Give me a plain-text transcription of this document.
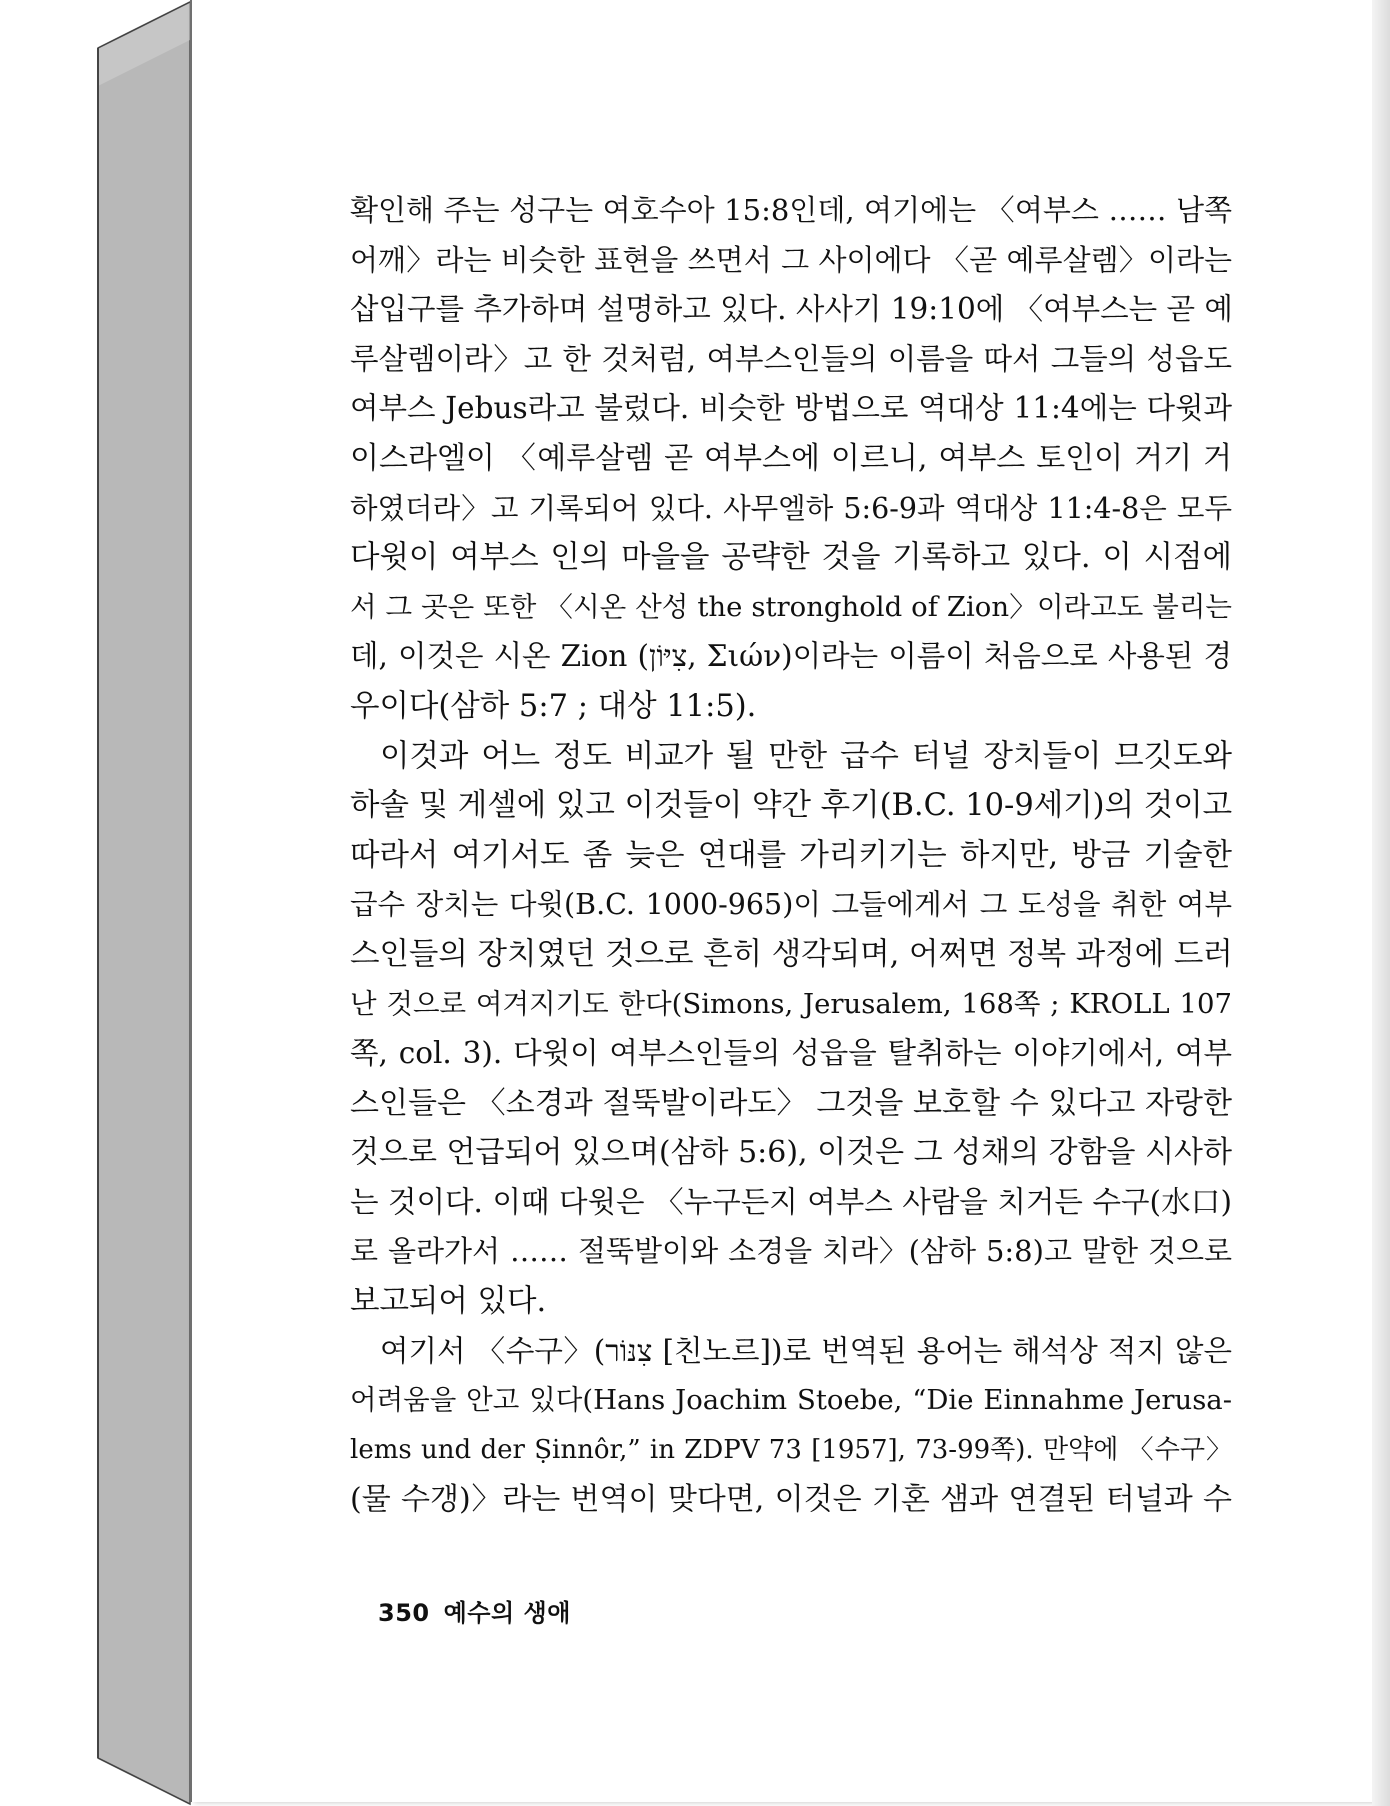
확인해 주는 성구는 여호수아 15:8인데, 여기에는 〈여부스 …… 남쪽
어깨〉라는 비슷한 표현을 쓰면서 그 사이에다 〈곧 예루살렘〉이라는
삽입구를 추가하며 설명하고 있다. 사사기 19:10에 〈여부스는 곧 예
루살렘이라〉고 한 것처럼, 여부스인들의 이름을 따서 그들의 성읍도
여부스 Jebus라고 불렀다. 비슷한 방법으로 역대상 11:4에는 다윗과
이스라엘이 〈예루살렘 곧 여부스에 이르니, 여부스 토인이 거기 거
하였더라〉고 기록되어 있다. 사무엘하 5:6-9과 역대상 11:4-8은 모두
다윗이 여부스 인의 마을을 공략한 것을 기록하고 있다. 이 시점에
서 그 곳은 또한 〈시온 산성 the stronghold of Zion〉이라고도 불리는
데, 이것은 시온 Zion (צִיּוֹן, Σιών)이라는 이름이 처음으로 사용된 경
우이다(삼하 5:7 ; 대상 11:5).
이것과 어느 정도 비교가 될 만한 급수 터널 장치들이 므깃도와
하솔 및 게셀에 있고 이것들이 약간 후기(B.C. 10-9세기)의 것이고
따라서 여기서도 좀 늦은 연대를 가리키기는 하지만, 방금 기술한
급수 장치는 다윗(B.C. 1000-965)이 그들에게서 그 도성을 취한 여부
스인들의 장치였던 것으로 흔히 생각되며, 어쩌면 정복 과정에 드러
난 것으로 여겨지기도 한다(Simons, Jerusalem, 168쪽 ; KROLL 107
쪽, col. 3). 다윗이 여부스인들의 성읍을 탈취하는 이야기에서, 여부
스인들은 〈소경과 절뚝발이라도〉 그것을 보호할 수 있다고 자랑한
것으로 언급되어 있으며(삼하 5:6), 이것은 그 성채의 강함을 시사하
는 것이다. 이때 다윗은 〈누구든지 여부스 사람을 치거든 수구(水口)
로 올라가서 …… 절뚝발이와 소경을 치라〉(삼하 5:8)고 말한 것으로
보고되어 있다.
여기서 〈수구〉(צִנּוֹר [친노르])로 번역된 용어는 해석상 적지 않은
어려움을 안고 있다(Hans Joachim Stoebe, “Die Einnahme Jerusa-
lems und der Ṣinnôr,” in ZDPV 73 [1957], 73-99쪽). 만약에 〈수구〉
(물 수갱)〉라는 번역이 맞다면, 이것은 기혼 샘과 연결된 터널과 수
350 예수의 생애
